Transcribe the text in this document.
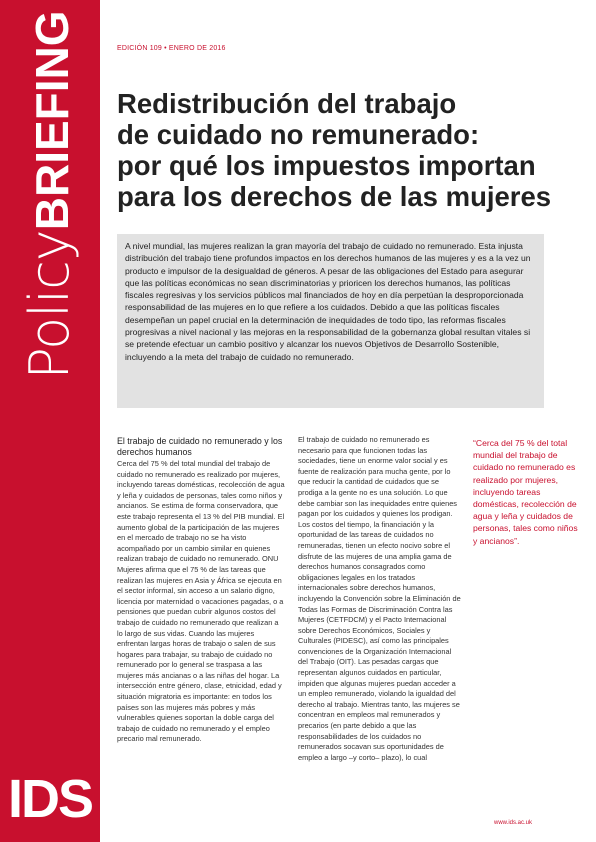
PolicyBRIEFING
IDS
EDICIÓN 109 • ENERO DE 2016
Redistribución del trabajo
de cuidado no remunerado:
por qué los impuestos importan
para los derechos de las mujeres

A nivel mundial, las mujeres realizan la gran mayoría del trabajo de cuidado no remunerado. Esta injusta distribución del trabajo tiene profundos impactos en los derechos humanos de las mujeres y es a la vez un producto e impulsor de la desigualdad de géneros. A pesar de las obligaciones del Estado para asegurar que las políticas económicas no sean discriminatorias y prioricen los derechos humanos, las políticas fiscales regresivas y los servicios públicos mal financiados de hoy en día perpetúan la desproporcionada responsabilidad de las mujeres en lo que refiere a los cuidados. Debido a que las políticas fiscales desempeñan un papel crucial en la determinación de inequidades de todo tipo, las reformas fiscales progresivas a nivel nacional y las mejoras en la responsabilidad de la gobernanza global resultan vitales si se pretende efectuar un cambio positivo y alcanzar los nuevos Objetivos de Desarrollo Sostenible, incluyendo a la meta del trabajo de cuidado no remunerado.

El trabajo de cuidado no remunerado y los derechos humanos

Cerca del 75 % del total mundial del trabajo de cuidado no remunerado es realizado por mujeres, incluyendo tareas domésticas, recolección de agua y leña y cuidados de personas, tales como niños y ancianos. Se estima de forma conservadora, que este trabajo representa el 13 % del PIB mundial. El aumento global de la participación de las mujeres en el mercado de trabajo no se ha visto acompañado por un cambio similar en quienes realizan trabajo de cuidado no remunerado. ONU Mujeres afirma que el 75 % de las tareas que realizan las mujeres en Asia y África se ejecuta en el sector informal, sin acceso a un salario digno, licencia por maternidad o vacaciones pagadas, o a pensiones que puedan cubrir algunos costos del trabajo de cuidado no remunerado que realizan a lo largo de sus vidas. Cuando las mujeres enfrentan largas horas de trabajo o salen de sus hogares para trabajar, su trabajo de cuidado no remunerado por lo general se traspasa a las mujeres más ancianas o a las niñas del hogar. La intersección entre género, clase, etnicidad, edad y situación migratoria es importante: en todos los países son las mujeres más pobres y más vulnerables quienes soportan la doble carga del trabajo de cuidado no remunerado y el empleo precario mal remunerado.

El trabajo de cuidado no remunerado es necesario para que funcionen todas las sociedades, tiene un enorme valor social y es fuente de realización para mucha gente, por lo que reducir la cantidad de cuidados que se prodiga a la gente no es una solución. Lo que debe cambiar son las inequidades entre quienes pagan por los cuidados y quienes los prodigan. Los costos del tiempo, la financiación y la oportunidad de las tareas de cuidados no remuneradas, tienen un efecto nocivo sobre el disfrute de las mujeres de una amplia gama de derechos humanos consagrados como obligaciones legales en los tratados internacionales sobre derechos humanos, incluyendo la Convención sobre la Eliminación de Todas las Formas de Discriminación Contra las Mujeres (CETFDCM) y el Pacto Internacional sobre Derechos Económicos, Sociales y Culturales (PIDESC), así como las principales convenciones de la Organización Internacional del Trabajo (OIT). Las pesadas cargas que representan algunos cuidados en particular, impiden que algunas mujeres puedan acceder a un empleo remunerado, violando la igualdad del derecho al trabajo. Mientras tanto, las mujeres se concentran en empleos mal remunerados y precarios (en parte debido a que las responsabilidades de los cuidados no remunerados socavan sus oportunidades de empleo a largo –y corto– plazo), lo cual

“Cerca del 75 % del total mundial del trabajo de cuidado no remunerado es realizado por mujeres, incluyendo tareas domésticas, recolección de agua y leña y cuidados de personas, tales como niños y ancianos”.

www.ids.ac.uk
